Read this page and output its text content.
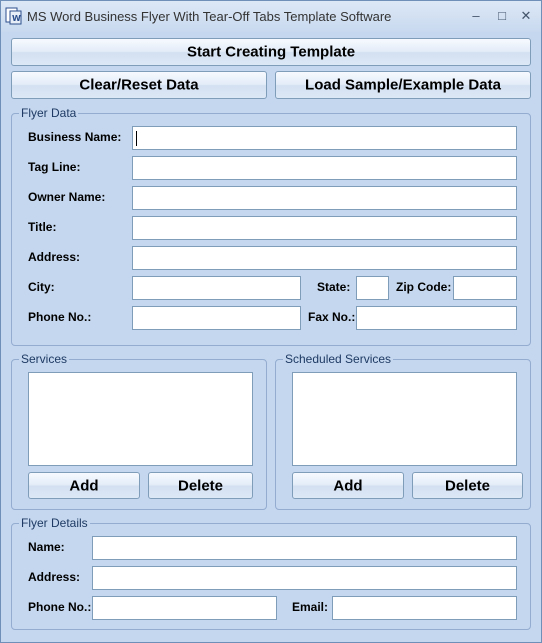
W MS Word Business Flyer With Tear-Off Tabs Template Software	–	□	✕
Start Creating Template
Clear/Reset Data	Load Sample/Example Data
Flyer Data
Business Name:
Tag Line:
Owner Name:
Title:
Address:
City:	State:	Zip Code:
Phone No.:	Fax No.:
Services
Add	Delete
Scheduled Services
Add	Delete
Flyer Details
Name:
Address:
Phone No.:	Email:
